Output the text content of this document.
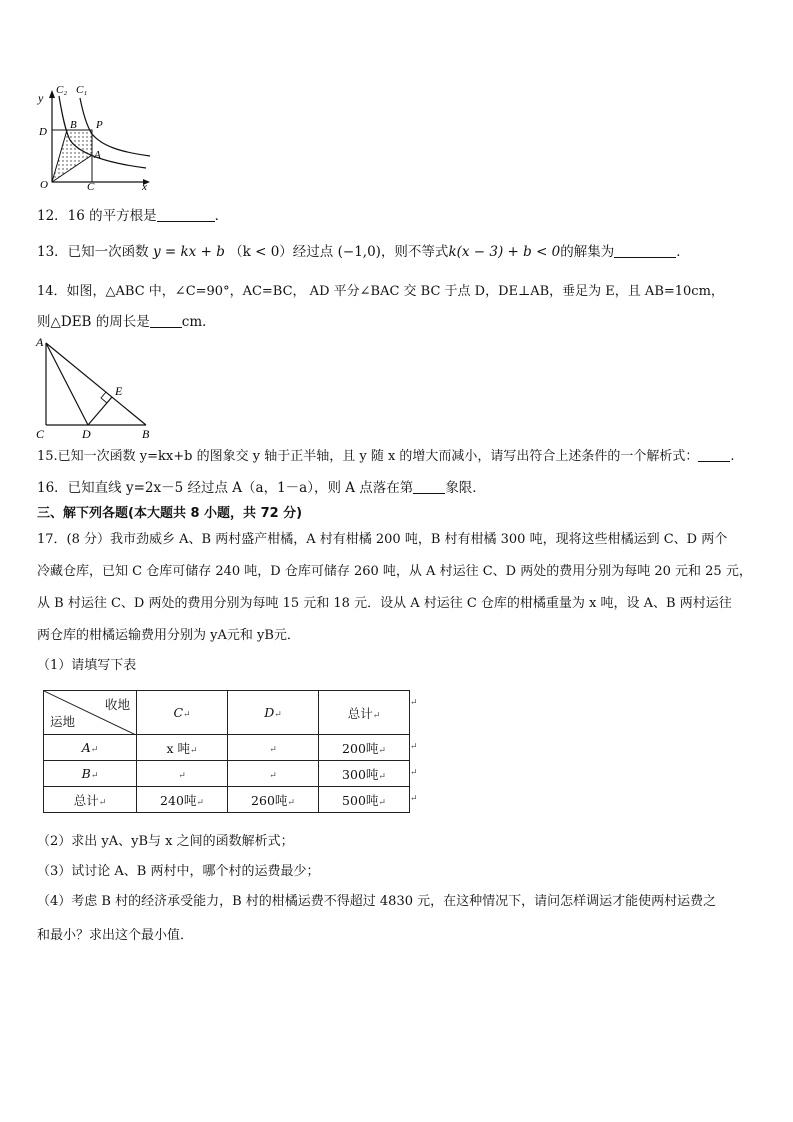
y
C₂ C₁
D
B P
A
O	C	x
12．16 的平方根是	．
13．已知一次函数 y = kx + b （k < 0）经过点 (−1,0)，则不等式k(x − 3) + b < 0的解集为	．
14．如图，△ABC 中，∠C=90°，AC=BC， AD 平分∠BAC 交 BC 于点 D，DE⊥AB，垂足为 E，且 AB=10cm，
则△DEB 的周长是 cm．
A
E
C	D	B
15.已知一次函数 y=kx+b 的图象交 y 轴于正半轴，且 y 随 x 的增大而减小，请写出符合上述条件的一个解析式： .
16．已知直线 y=2x－5 经过点 A（a，1－a），则 A 点落在第 象限．
三、解下列各题(本大题共 8 小题，共 72 分)
17．(8 分）我市劲威乡 A、B 两村盛产柑橘，A 村有柑橘 200 吨，B 村有柑橘 300 吨，现将这些柑橘运到 C、D 两个
冷藏仓库，已知 C 仓库可储存 240 吨，D 仓库可储存 260 吨，从 A 村运往 C、D 两处的费用分别为每吨 20 元和 25 元，
从 B 村运往 C、D 两处的费用分别为每吨 15 元和 18 元．设从 A 村运往 C 仓库的柑橘重量为 x 吨，设 A、B 两村运往
两仓库的柑橘运输费用分别为 yA元和 yB元．
（1）请填写下表
收地
运地	C↵	D↵	总计↵
A↵	x 吨↵	↵	200吨↵
B↵	↵	↵	300吨↵
总计↵	240吨↵	260吨↵	500吨↵
↵
↵
↵
↵
（2）求出 yA、yB与 x 之间的函数解析式；
（3）试讨论 A、B 两村中，哪个村的运费最少；
（4）考虑 B 村的经济承受能力，B 村的柑橘运费不得超过 4830 元，在这种情况下，请问怎样调运才能使两村运费之
和最小？求出这个最小值．
